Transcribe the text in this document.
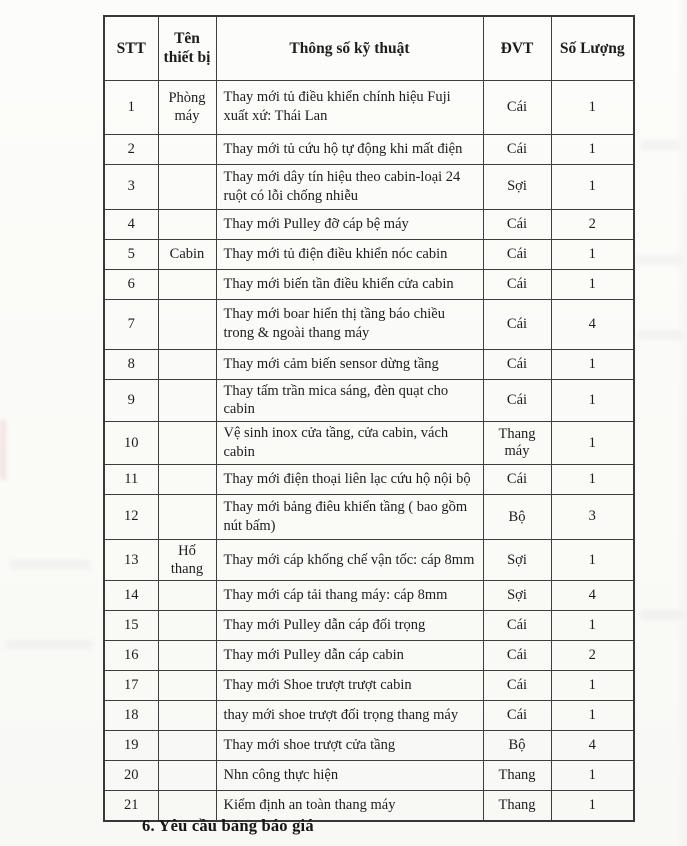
STT	Tên thiết bị	Thông số kỹ thuật	ĐVT	Số Lượng
1	Phòng máy	Thay mới tủ điều khiển chính hiệu Fuji xuất xứ: Thái Lan	Cái	1
2		Thay mới tủ cứu hộ tự động khi mất điện	Cái	1
3		Thay mới dây tín hiệu theo cabin-loại 24 ruột có lỗi chống nhiễu	Sợi	1
4		Thay mới Pulley đỡ cáp bệ máy	Cái	2
5	Cabin	Thay mới tủ điện điều khiển nóc cabin	Cái	1
6		Thay mới biến tần điều khiển cửa cabin	Cái	1
7		Thay mới boar hiển thị tầng báo chiều trong & ngoài thang máy	Cái	4
8		Thay mới cảm biến sensor dừng tầng	Cái	1
9		Thay tấm trần mica sáng, đèn quạt cho cabin	Cái	1
10		Vệ sinh inox cửa tầng, cửa cabin, vách cabin	Thang máy	1
11		Thay mới điện thoại liên lạc cứu hộ nội bộ	Cái	1
12		Thay mới bảng điêu khiển tầng ( bao gồm nút bấm)	Bộ	3
13	Hố thang	Thay mới cáp khống chế vận tốc: cáp 8mm	Sợi	1
14		Thay mới cáp tải thang máy: cáp 8mm	Sợi	4
15		Thay mới Pulley dẫn cáp đối trọng	Cái	1
16		Thay mới Pulley dẫn cáp cabin	Cái	2
17		Thay mới Shoe trượt trượt cabin	Cái	1
18		thay mới shoe trượt đối trọng thang máy	Cái	1
19		Thay mới shoe trượt cửa tầng	Bộ	4
20		Nhn công thực hiện	Thang	1
21		Kiểm định an toàn thang máy	Thang	1
6. Yêu cầu bảng báo giá
